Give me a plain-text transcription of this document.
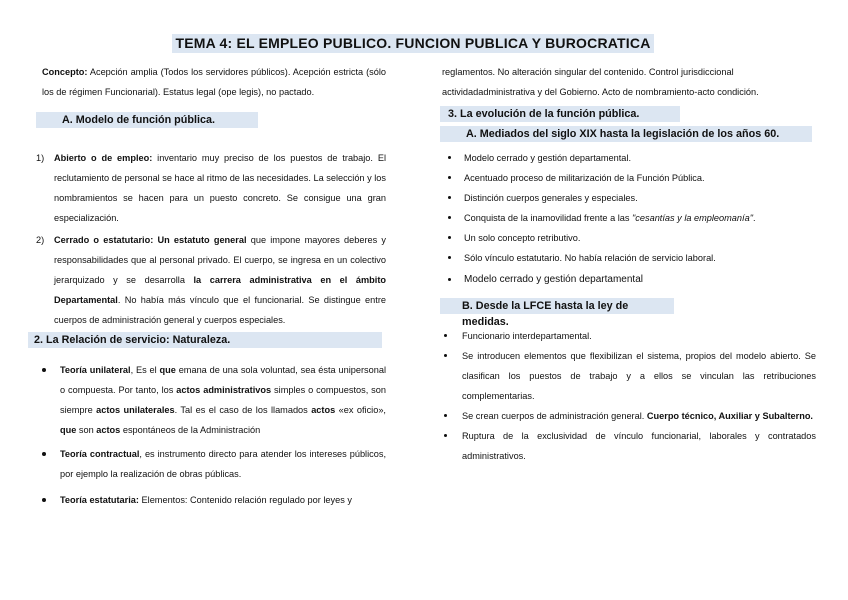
TEMA 4: EL EMPLEO PUBLICO. FUNCION PUBLICA Y BUROCRATICA

Concepto: Acepción amplia (Todos los servidores públicos). Acepción estricta (sólo los de régimen Funcionarial). Estatus legal (ope legis), no pactado.

A. Modelo de función pública.
1) Abierto o de empleo: inventario muy preciso de los puestos de trabajo. El reclutamiento de personal se hace al ritmo de las necesidades. La selección y los nombramientos se hacen para un puesto concreto. Se consigue una gran especialización.
2) Cerrado o estatutario: Un estatuto general que impone mayores deberes y responsabilidades que al personal privado. El cuerpo, se ingresa en un colectivo jerarquizado y se desarrolla la carrera administrativa en el ámbito Departamental. No había más vínculo que el funcionarial. Se distingue entre cuerpos de administración general y cuerpos especiales.
2. La Relación de servicio: Naturaleza.
Teoría unilateral, Es el que emana de una sola voluntad, sea ésta unipersonal o compuesta. Por tanto, los actos administrativos simples o compuestos, son siempre actos unilaterales. Tal es el caso de los llamados actos «ex oficio», que son actos espontáneos de la Administración
Teoría contractual, es instrumento directo para atender los intereses públicos, por ejemplo la realización de obras públicas.
Teoría estatutaria: Elementos: Contenido relación regulado por leyes y

reglamentos. No alteración singular del contenido. Control jurisdiccional actividadadministrativa y del Gobierno. Acto de nombramiento-acto condición.

3. La evolución de la función pública.
A. Mediados del siglo XIX hasta la legislación de los años 60.
Modelo cerrado y gestión departamental.
Acentuado proceso de militarización de la Función Pública.
Distinción cuerpos generales y especiales.
Conquista de la inamovilidad frente a las "cesantías y la empleomanía".
Un solo concepto retributivo.
Sólo vínculo estatutario. No había relación de servicio laboral.
Modelo cerrado y gestión departamental
B. Desde la LFCE hasta la ley de medidas.
Funcionario interdepartamental.
Se introducen elementos que flexibilizan el sistema, propios del modelo abierto. Se clasifican los puestos de trabajo y a ellos se vinculan las retribuciones complementarias.
Se crean cuerpos de administración general. Cuerpo técnico, Auxiliar y Subalterno.
Ruptura de la exclusividad de vínculo funcionarial, laborales y contratados administrativos.
